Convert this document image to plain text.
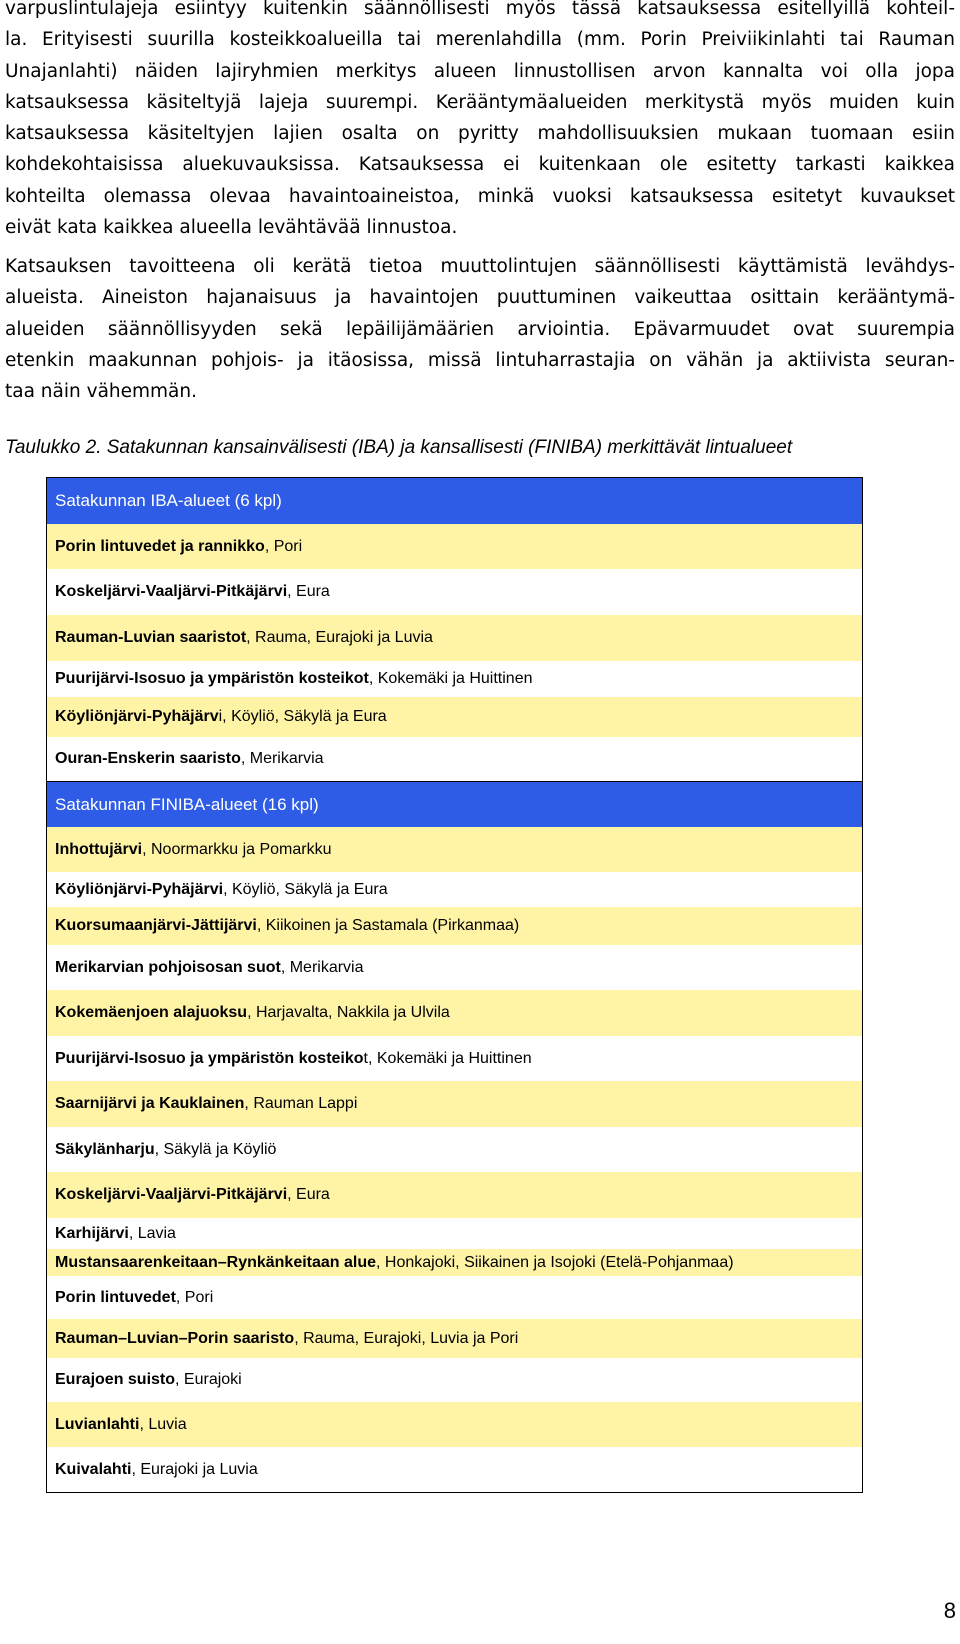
varpuslintulajeja esiintyy kuitenkin säännöllisesti myös tässä katsauksessa esitellyillä kohteil-
la. Erityisesti suurilla kosteikkoalueilla tai merenlahdilla (mm. Porin Preiviikinlahti tai Rauman
Unajanlahti) näiden lajiryhmien merkitys alueen linnustollisen arvon kannalta voi olla jopa
katsauksessa käsiteltyjä lajeja suurempi. Kerääntymäalueiden merkitystä myös muiden kuin
katsauksessa käsiteltyjen lajien osalta on pyritty mahdollisuuksien mukaan tuomaan esiin
kohdekohtaisissa aluekuvauksissa. Katsauksessa ei kuitenkaan ole esitetty tarkasti kaikkea
kohteilta olemassa olevaa havaintoaineistoa, minkä vuoksi katsauksessa esitetyt kuvaukset
eivät kata kaikkea alueella levähtävää linnustoa.

Katsauksen tavoitteena oli kerätä tietoa muuttolintujen säännöllisesti käyttämistä levähdys-
alueista. Aineiston hajanaisuus ja havaintojen puuttuminen vaikeuttaa osittain kerääntymä-
alueiden säännöllisyyden sekä lepäilijämäärien arviointia. Epävarmuudet ovat suurempia
etenkin maakunnan pohjois- ja itäosissa, missä lintuharrastajia on vähän ja aktiivista seuran-
taa näin vähemmän.

Taulukko 2. Satakunnan kansainvälisesti (IBA) ja kansallisesti (FINIBA) merkittävät lintualueet
Satakunnan IBA-alueet (6 kpl)
Porin lintuvedet ja rannikko , Pori
Koskeljärvi-Vaaljärvi-Pitkäjärvi , Eura
Rauman-Luvian saaristot , Rauma, Eurajoki ja Luvia
Puurijärvi-Isosuo ja ympäristön kosteikot , Kokemäki ja Huittinen
Köyliönjärvi-Pyhäjärv i, Köyliö, Säkylä ja Eura
Ouran-Enskerin saaristo , Merikarvia
Satakunnan FINIBA-alueet (16 kpl)
Inhottujärvi , Noormarkku ja Pomarkku
Köyliönjärvi-Pyhäjärvi , Köyliö, Säkylä ja Eura
Kuorsumaanjärvi-Jättijärvi , Kiikoinen ja Sastamala (Pirkanmaa)
Merikarvian pohjoisosan suot , Merikarvia
Kokemäenjoen alajuoksu , Harjavalta, Nakkila ja Ulvila
Puurijärvi-Isosuo ja ympäristön kosteiko t, Kokemäki ja Huittinen
Saarnijärvi ja Kauklainen , Rauman Lappi
Säkylänharju , Säkylä ja Köyliö
Koskeljärvi-Vaaljärvi-Pitkäjärvi , Eura
Karhijärvi , Lavia
Mustansaarenkeitaan–Rynkänkeitaan alue , Honkajoki, Siikainen ja Isojoki (Etelä-Pohjanmaa)
Porin lintuvedet , Pori
Rauman–Luvian–Porin saaristo , Rauma, Eurajoki, Luvia ja Pori
Eurajoen suisto , Eurajoki
Luvianlahti , Luvia
Kuivalahti , Eurajoki ja Luvia
8
